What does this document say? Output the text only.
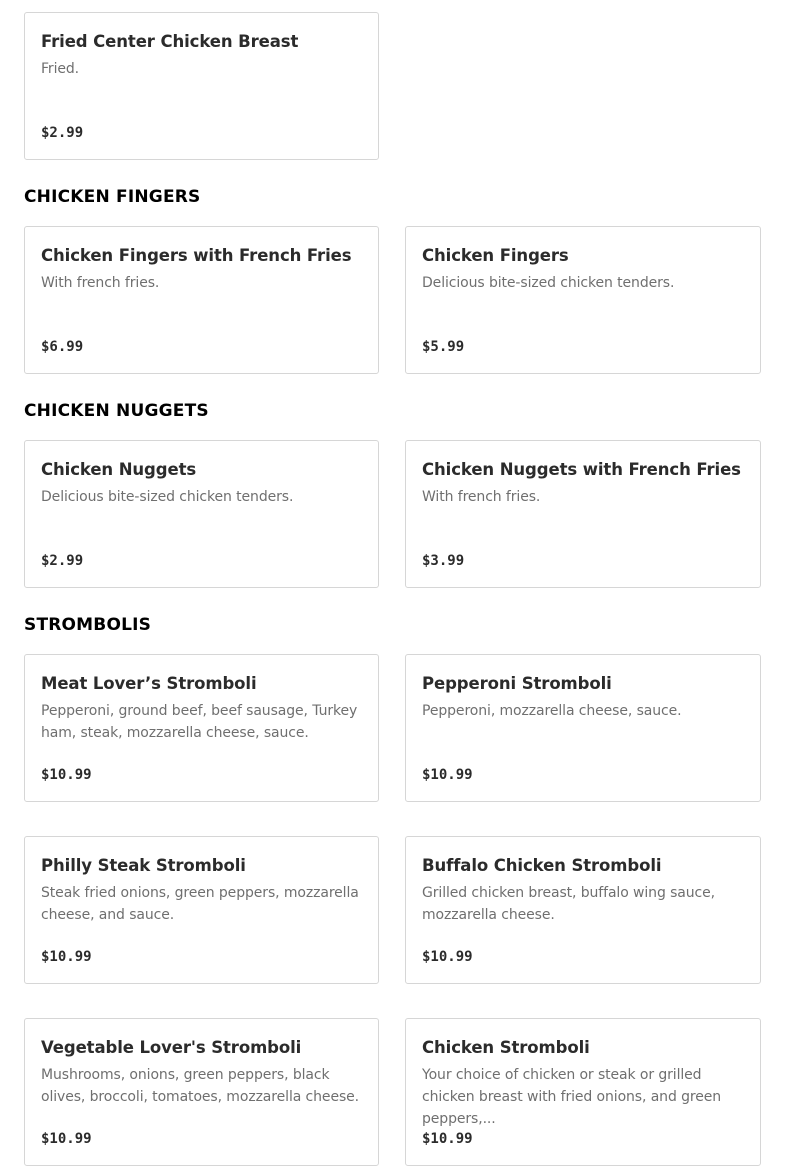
Fried Center Chicken Breast
Fried.
$2.99
CHICKEN FINGERS
Chicken Fingers with French Fries
With french fries.
$6.99
Chicken Fingers
Delicious bite-sized chicken tenders.
$5.99
CHICKEN NUGGETS
Chicken Nuggets
Delicious bite-sized chicken tenders.
$2.99
Chicken Nuggets with French Fries
With french fries.
$3.99
STROMBOLIS
Meat Lover’s Stromboli
Pepperoni, ground beef, beef sausage, Turkey ham, steak, mozzarella cheese, sauce.
$10.99
Pepperoni Stromboli
Pepperoni, mozzarella cheese, sauce.
$10.99
Philly Steak Stromboli
Steak fried onions, green peppers, mozzarella cheese, and sauce.
$10.99
Buffalo Chicken Stromboli
Grilled chicken breast, buffalo wing sauce, mozzarella cheese.
$10.99
Vegetable Lover's Stromboli
Mushrooms, onions, green peppers, black olives, broccoli, tomatoes, mozzarella cheese.
$10.99
Chicken Stromboli
Your choice of chicken or steak or grilled chicken breast with fried onions, and green peppers,...
$10.99
